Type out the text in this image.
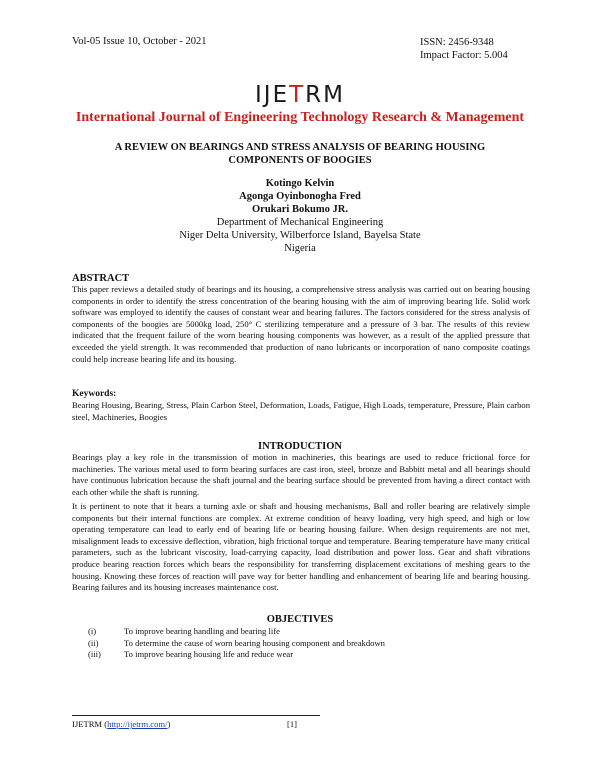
Vol-05 Issue 10, October - 2021	ISSN: 2456-9348
Impact Factor: 5.004
IJETRM
International Journal of Engineering Technology Research & Management
A REVIEW ON BEARINGS AND STRESS ANALYSIS OF BEARING HOUSING
COMPONENTS OF BOOGIES
Kotingo Kelvin
Agonga Oyinbonogha Fred
Orukari Bokumo JR.
Department of Mechanical Engineering
Niger Delta University, Wilberforce Island, Bayelsa State
Nigeria
ABSTRACT
This paper reviews a detailed study of bearings and its housing, a comprehensive stress analysis was carried out on bearing housing components in order to identify the stress concentration of the bearing housing with the aim of improving bearing life. Solid work software was employed to identify the causes of constant wear and bearing failures. The factors considered for the stress analysis of components of the boogies are 5000kg load, 250° C sterilizing temperature and a pressure of 3 bar. The results of this review indicated that the frequent failure of the worn bearing housing components was however, as a result of the applied pressure that exceeded the yield strength. It was recommended that production of nano lubricants or incorporation of nano composite coatings could help increase bearing life and its housing.
Keywords:
Bearing Housing, Bearing, Stress, Plain Carbon Steel, Deformation, Loads, Fatigue, High Loads, temperature, Pressure, Plain carbon steel, Machineries, Boogies
INTRODUCTION
Bearings play a key role in the transmission of motion in machineries, this bearings are used to reduce frictional force for machineries. The various metal used to form bearing surfaces are cast iron, steel, bronze and Babbitt metal and all bearings should have continuous lubrication because the shaft journal and the bearing surface should be prevented from having a direct contact with each other while the shaft is running.
It is pertinent to note that it bears a turning axle or shaft and housing mechanisms, Ball and roller bearing are relatively simple components but their internal functions are complex. At extreme condition of heavy loading, very high speed, and high or low operating temperature can lead to early end of bearing life or bearing housing failure. When design requirements are not met, misalignment leads to excessive deflection, vibration, high frictional torque and temperature. Bearing temperature have many critical parameters, such as the lubricant viscosity, load-carrying capacity, load distribution and power loss. Gear and shaft vibrations produce bearing reaction forces which bears the responsibility for transferring displacement excitations of meshing gears to the housing. Knowing these forces of reaction will pave way for better handling and enhancement of bearing life and bearing housing. Bearing failures and its housing increases maintenance cost.
OBJECTIVES
(i)	To improve bearing handling and bearing life
(ii)	To determine the cause of worn bearing housing component and breakdown
(iii)	To improve bearing housing life and reduce wear
IJETRM (http://ijetrm.com/)	[1]
